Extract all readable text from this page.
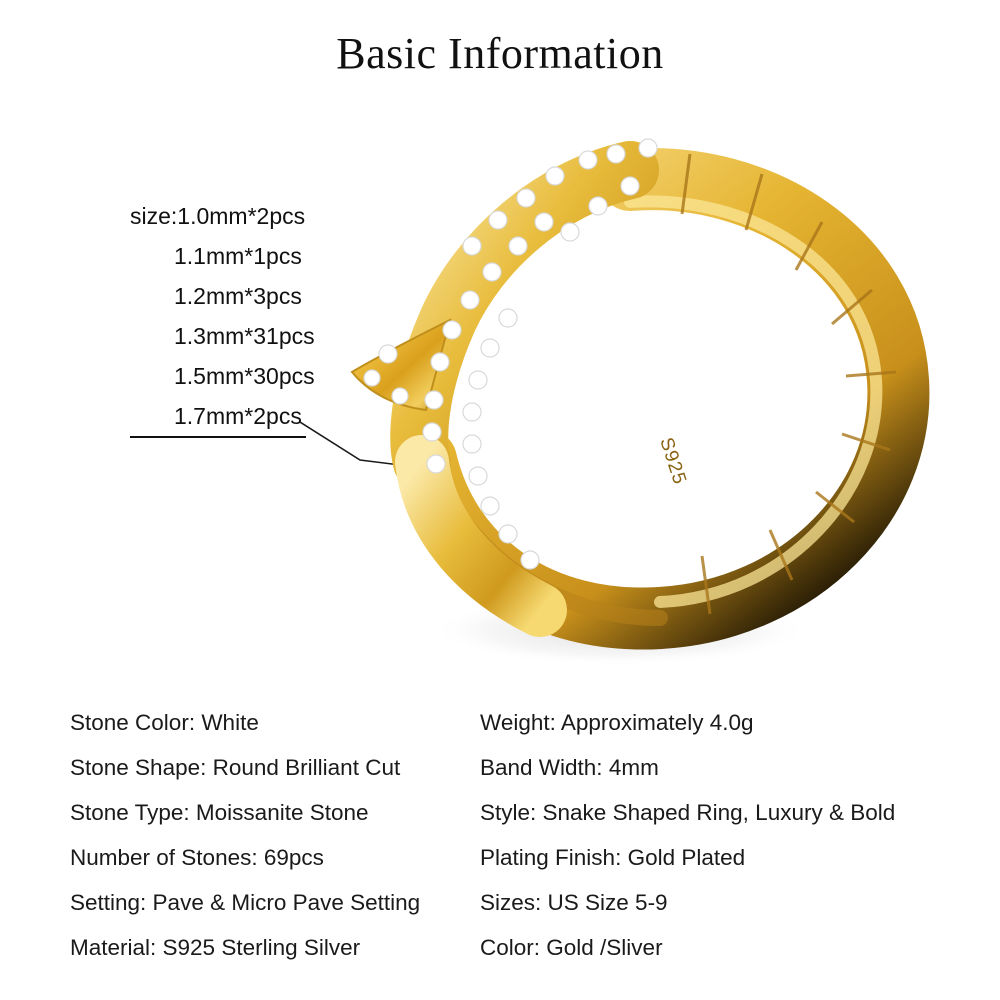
Basic Information
size:1.0mm*2pcs
1.1mm*1pcs
1.2mm*3pcs
1.3mm*31pcs
1.5mm*30pcs
1.7mm*2pcs
S925
Stone Color: White
Stone Shape: Round Brilliant Cut
Stone Type: Moissanite Stone
Number of Stones: 69pcs
Setting: Pave & Micro Pave Setting
Material: S925 Sterling Silver
Weight: Approximately 4.0g
Band Width: 4mm
Style: Snake Shaped Ring, Luxury & Bold
Plating Finish: Gold Plated
Sizes: US Size 5-9
Color: Gold /Sliver
